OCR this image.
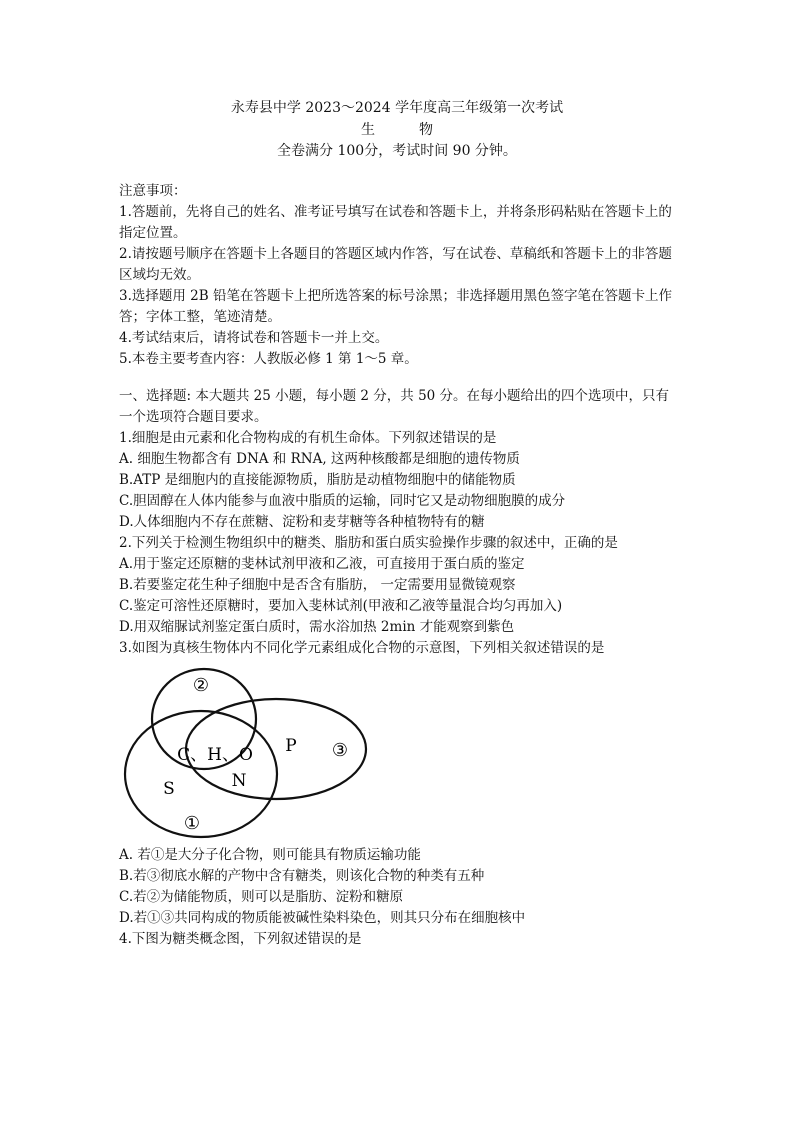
永寿县中学 2023～2024 学年度高三年级第一次考试
生	物
全卷满分 100分，考试时间 90 分钟。
注意事项：
1.答题前，先将自己的姓名、准考证号填写在试卷和答题卡上，并将条形码粘贴在答题卡上的指定位置。
2.请按题号顺序在答题卡上各题目的答题区域内作答，写在试卷、草稿纸和答题卡上的非答题区域均无效。
3.选择题用 2B 铅笔在答题卡上把所选答案的标号涂黑；非选择题用黑色签字笔在答题卡上作答；字体工整，笔迹清楚。
4.考试结束后，请将试卷和答题卡一并上交。
5.本卷主要考查内容：人教版必修 1 第 1～5 章。
一、选择题: 本大题共 25 小题，每小题 2 分，共 50 分。在每小题给出的四个选项中，只有一个选项符合题目要求。
1.细胞是由元素和化合物构成的有机生命体。下列叙述错误的是
A. 细胞生物都含有 DNA 和 RNA, 这两种核酸都是细胞的遗传物质
B.ATP 是细胞内的直接能源物质，脂肪是动植物细胞中的储能物质
C.胆固醇在人体内能参与血液中脂质的运输，同时它又是动物细胞膜的成分
D.人体细胞内不存在蔗糖、淀粉和麦芽糖等各种植物特有的糖
2.下列关于检测生物组织中的糖类、脂肪和蛋白质实验操作步骤的叙述中，正确的是
A.用于鉴定还原糖的斐林试剂甲液和乙液，可直接用于蛋白质的鉴定
B.若要鉴定花生种子细胞中是否含有脂肪， 一定需要用显微镜观察
C.鉴定可溶性还原糖时，要加入斐林试剂(甲液和乙液等量混合均匀再加入)
D.用双缩脲试剂鉴定蛋白质时，需水浴加热 2min 才能观察到紫色
3.如图为真核生物体内不同化学元素组成化合物的示意图，下列相关叙述错误的是
②
③
①
C、H、O
N
P
S
A. 若①是大分子化合物，则可能具有物质运输功能
B.若③彻底水解的产物中含有糖类，则该化合物的种类有五种
C.若②为储能物质，则可以是脂肪、淀粉和糖原
D.若①③共同构成的物质能被碱性染料染色，则其只分布在细胞核中
4.下图为糖类概念图，下列叙述错误的是
